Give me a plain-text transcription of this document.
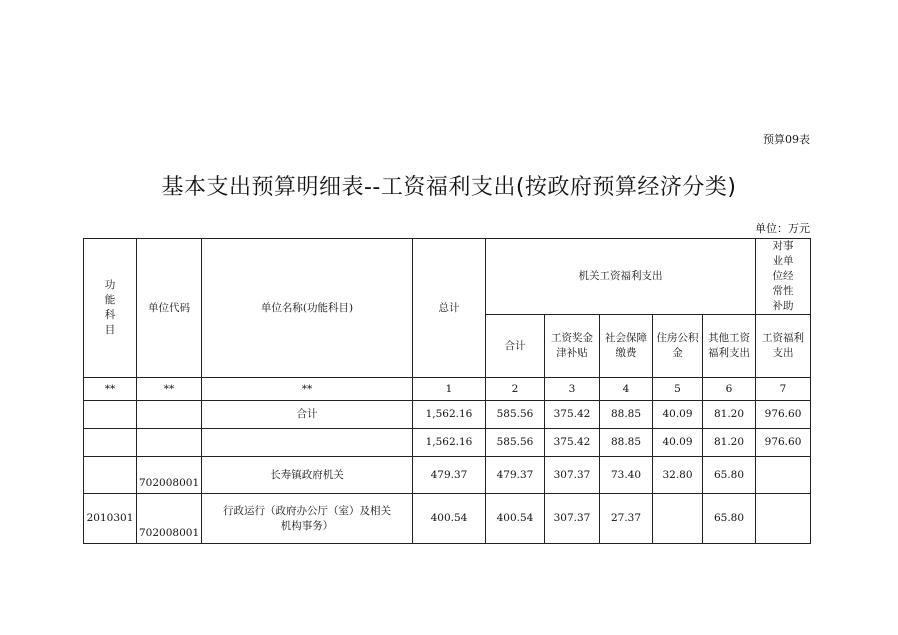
预算09表
基本支出预算明细表--工资福利支出(按政府预算经济分类)
单位：万元
功能科目	单位代码	单位名称(功能科目)	总计	机关工资福利支出					对事业单位经常性补助
				合计	工资奖金津补贴	社会保障缴费	住房公积金	其他工资福利支出	工资福利支出
**	**	**	1	2	3	4	5	6	7
		合计	1,562.16	585.56	375.42	88.85	40.09	81.20	976.60
			1,562.16	585.56	375.42	88.85	40.09	81.20	976.60
	702008001	长寿镇政府机关	479.37	479.37	307.37	73.40	32.80	65.80	
2010301	702008001	行政运行（政府办公厅（室）及相关机构事务）	400.54	400.54	307.37	27.37		65.80	
